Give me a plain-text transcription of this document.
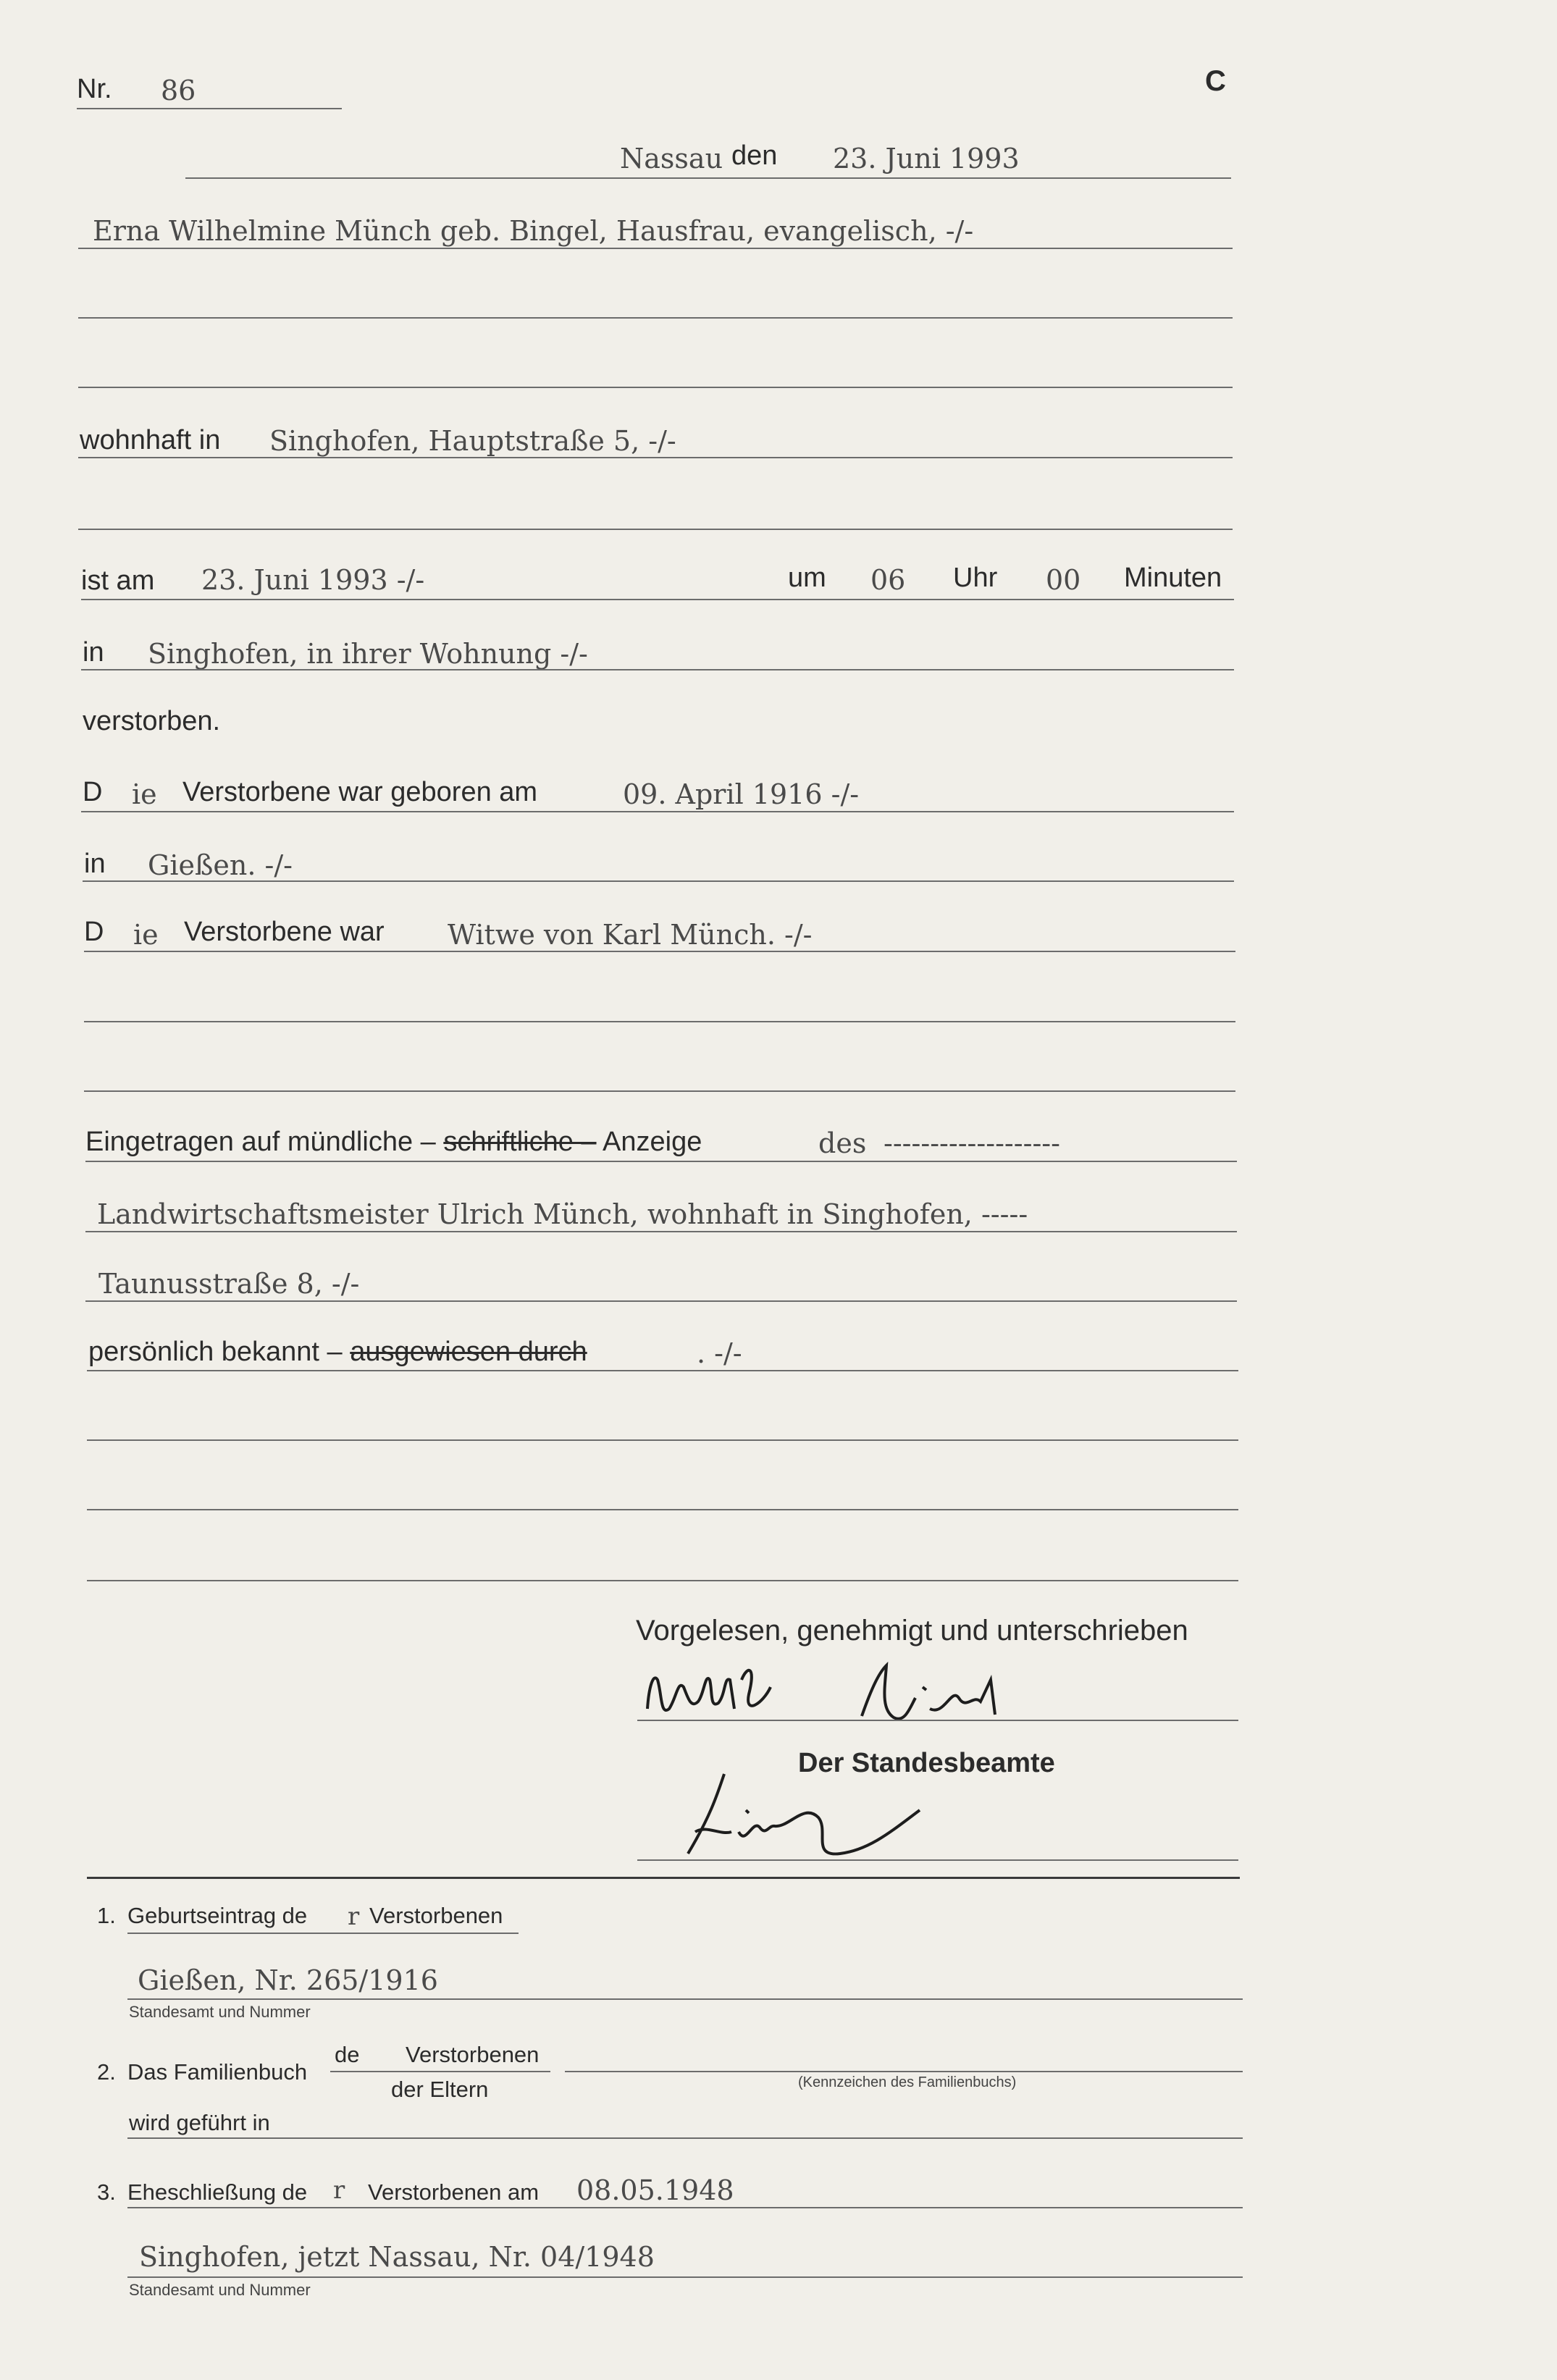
C
Nr. 86
Nassau den 23. Juni 1993
Erna Wilhelmine Münch geb. Bingel, Hausfrau, evangelisch, -/-
wohnhaft in Singhofen, Hauptstraße 5, -/-
ist am 23. Juni 1993 -/-	um 06 Uhr 00 Minuten
in Singhofen, in ihrer Wohnung -/-
verstorben.
D ie Verstorbene war geboren am	09. April 1916 -/-
in Gießen. -/-
D ie Verstorbene war Witwe von Karl Münch. -/-
Eingetragen auf mündliche – schriftliche – Anzeige	des -------------------
Landwirtschaftsmeister Ulrich Münch, wohnhaft in Singhofen, -----
Taunusstraße 8, -/-
persönlich bekannt – ausgewiesen durch	. -/-
Vorgelesen, genehmigt und unterschrieben
Der Standesbeamte
1. Geburtseintrag de r Verstorbenen
Gießen, Nr. 265/1916
Standesamt und Nummer
2. Das Familienbuch
de Verstorbenen
der Eltern	(Kennzeichen des Familienbuchs)
wird geführt in
3. Eheschließung de r Verstorbenen am 08.05.1948
Singhofen, jetzt Nassau, Nr. 04/1948
Standesamt und Nummer
